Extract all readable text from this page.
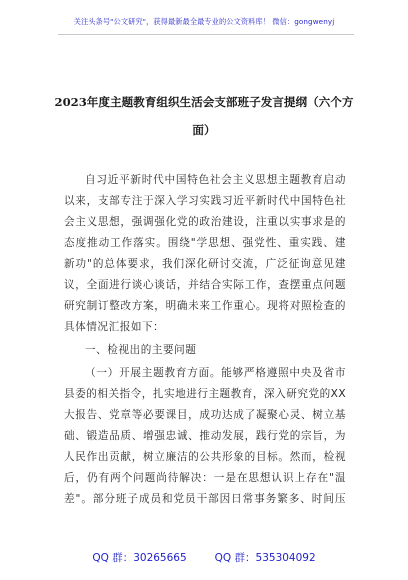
关注头条号"公文研究"，获得最新最全最专业的公文资料库！ 微信：gongwenyj
2023年度主题教育组织生活会支部班子发言提纲（六个方
面）
自习近平新时代中国特色社会主义思想主题教育启动
以来，支部专注于深入学习实践习近平新时代中国特色社
会主义思想，强调强化党的政治建设，注重以实事求是的
态度推动工作落实。围绕"学思想、强党性、重实践、建
新功"的总体要求，我们深化研讨交流，广泛征询意见建
议，全面进行谈心谈话，并结合实际工作，查摆重点问题
研究制订整改方案，明确未来工作重心。现将对照检查的
具体情况汇报如下：
一、检视出的主要问题
（一）开展主题教育方面。能够严格遵照中央及省市
县委的相关指令，扎实地进行主题教育，深入研究党的XX
大报告、党章等必要课目，成功达成了凝聚心灵、树立基
础、锻造品质、增强忠诚、推动发展，践行党的宗旨，为
人民作出贡献，树立廉洁的公共形象的目标。然而，检视
后，仍有两个问题尚待解决：一是在思想认识上存在"温
差"。部分班子成员和党员干部因日常事务繁多、时间压
QQ 群：30265665	QQ 群：535304092
